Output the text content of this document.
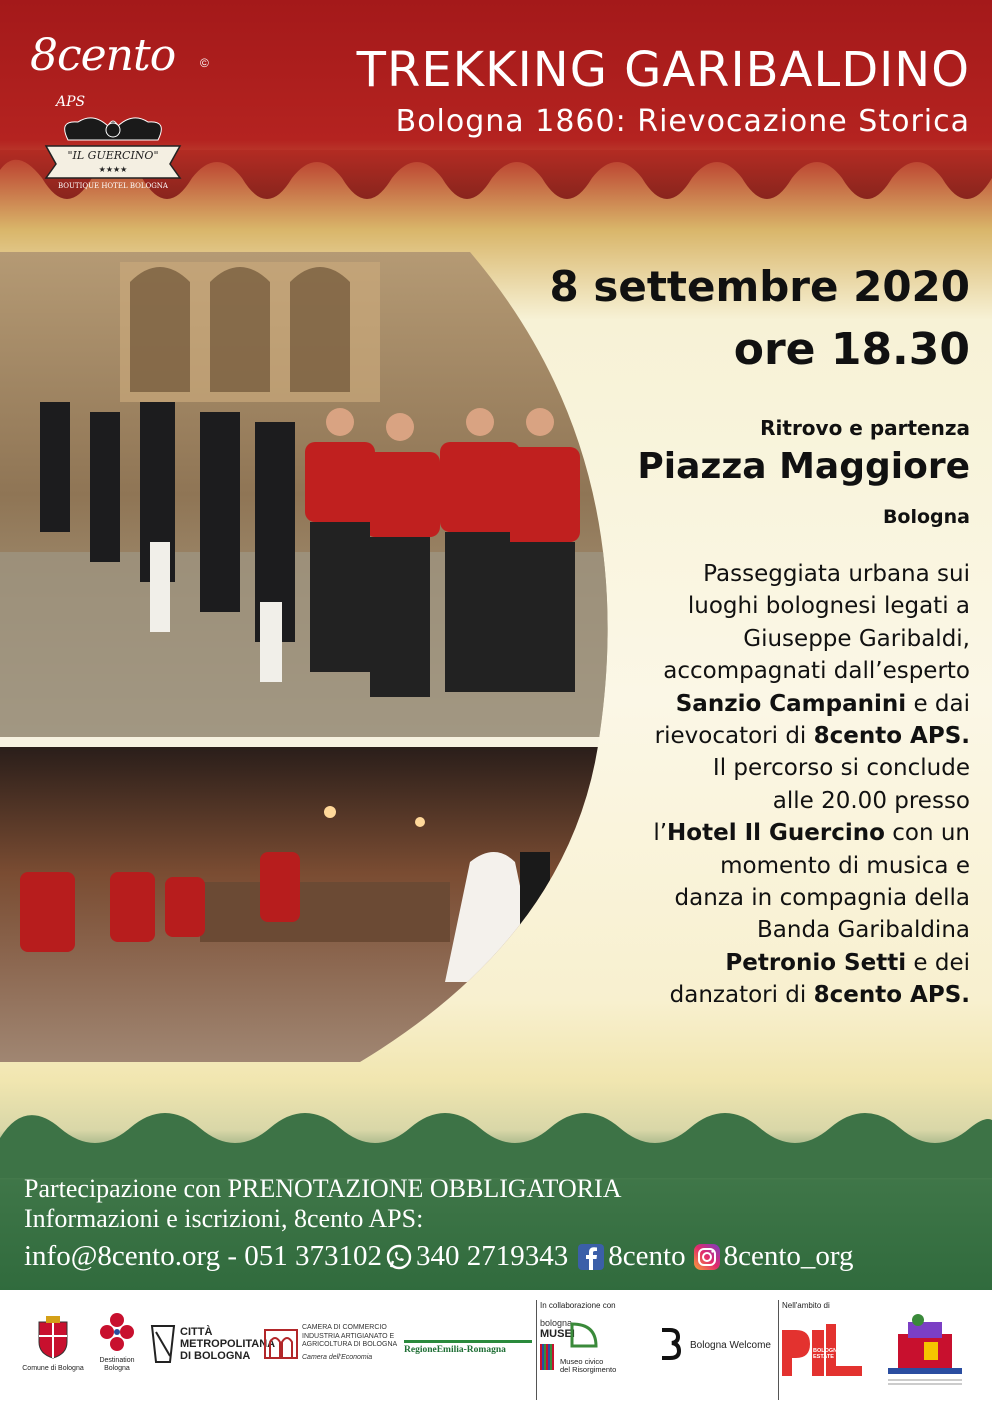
8cento ©
APS
"IL GUERCINO"
★★★★
BOUTIQUE HOTEL BOLOGNA
TREKKING GARIBALDINO
Bologna 1860: Rievocazione Storica
8 settembre 2020
ore 18.30
Ritrovo e partenza
Piazza Maggiore
Bologna
Passeggiata urbana sui
luoghi bolognesi legati a
Giuseppe Garibaldi,
accompagnati dall’esperto
Sanzio Campanini e dai
rievocatori di 8cento APS.
Il percorso si conclude
alle 20.00 presso
l’Hotel Il Guercino con un
momento di musica e
danza in compagnia della
Banda Garibaldina
Petronio Setti e dei
danzatori di 8cento APS.
Partecipazione con PRENOTAZIONE OBBLIGATORIA
Informazioni e iscrizioni, 8cento APS:
info@8cento.org - 051 373102 340 2719343 8cento 8cento_org
Comune di Bologna
Destination Bologna
CITTÀ
METROPOLITANA
DI BOLOGNA
CAMERA DI COMMERCIO
INDUSTRIA ARTIGIANATO E
AGRICOLTURA DI BOLOGNA
Camera dell'Economia
RegioneEmilia-Romagna
In collaborazione con
bologna
MUSEI
Museo civico
del Risorgimento
Bologna Welcome
Nell'ambito di
BOLOGNA
ESTATE
